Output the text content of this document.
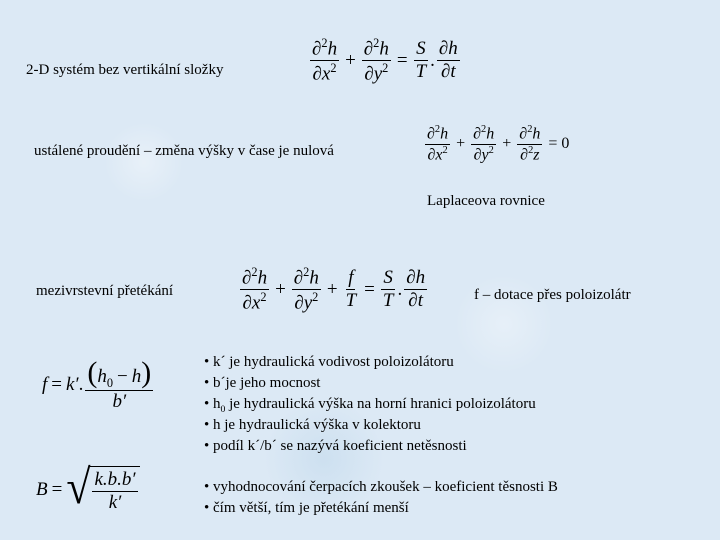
2-D systém bez vertikální složky	$\frac{\partial^2h}{\partial x^2} + \frac{\partial^2h}{\partial y^2} = \frac{S}{T}$ . $\frac{\partial h}{\partial t}$
ustálené proudění – změna výšky v čase je nulová	$\frac{\partial^2h}{\partial x^2} + \frac{\partial^2h}{\partial y^2} + \frac{\partial^2h}{\partial^2z} = 0$
Laplaceova rovnice
mezivrstevní přetékání	$\frac{\partial^2h}{\partial x^2} + \frac{\partial^2h}{\partial y^2} + \frac{f}{T} = \frac{S}{T}$ . $\frac{\partial h}{\partial t}$	f – dotace přes poloizolátr
f = k′ . $\frac{(h_0 - h)}{b'}$	• k´ je hydraulická vodivost poloizolátoru
• b´je jeho mocnost
• $h_0$ je hydraulická výška na horní hranici poloizolátoru
• h je hydraulická výška v kolektoru
• podíl k´/b´ se nazývá koeficient netěsnosti
B = √ $\frac{k.b.b'}{k'}$	• vyhodnocování čerpacích zkoušek – koeficient těsnosti B
• čím větší, tím je přetékání menší
